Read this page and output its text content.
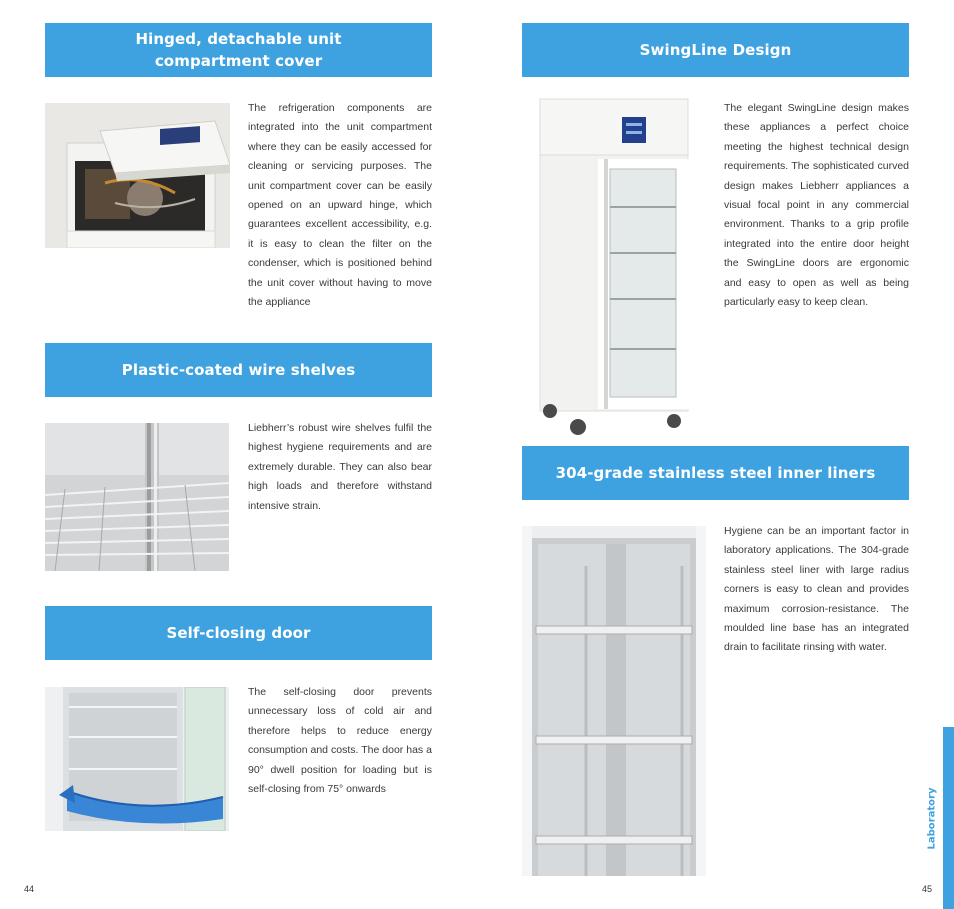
Hinged, detachable unit
compartment cover
The refrigeration components are integrated into the unit compartment where they can be easily accessed for cleaning or servicing purposes. The unit compartment cover can be easily opened on an upward hinge, which guarantees excellent accessibility, e.g. it is easy to clean the filter on the condenser, which is positioned behind the unit cover without having to move the appliance
Plastic-coated wire shelves
Liebherr’s robust wire shelves fulfil the highest hygiene requirements and are extremely durable. They can also bear high loads and therefore withstand intensive strain.
Self-closing door
The self-closing door prevents unnecessary loss of cold air and therefore helps to reduce energy consumption and costs. The door has a 90° dwell position for loading but is self-closing from 75° onwards
44
SwingLine Design
The elegant SwingLine design makes these appliances a perfect choice meeting the highest technical design requirements. The sophisticated curved design makes Liebherr appliances a visual focal point in any commercial environment. Thanks to a grip profile integrated into the entire door height the SwingLine doors are ergonomic and easy to open as well as being particularly easy to keep clean.
304-grade stainless steel inner liners
Hygiene can be an important factor in laboratory applications. The 304-grade stainless steel liner with large radius corners is easy to clean and provides maximum corrosion-resistance. The moulded line base has an integrated drain to facilitate rinsing with water.
Laboratory
45
